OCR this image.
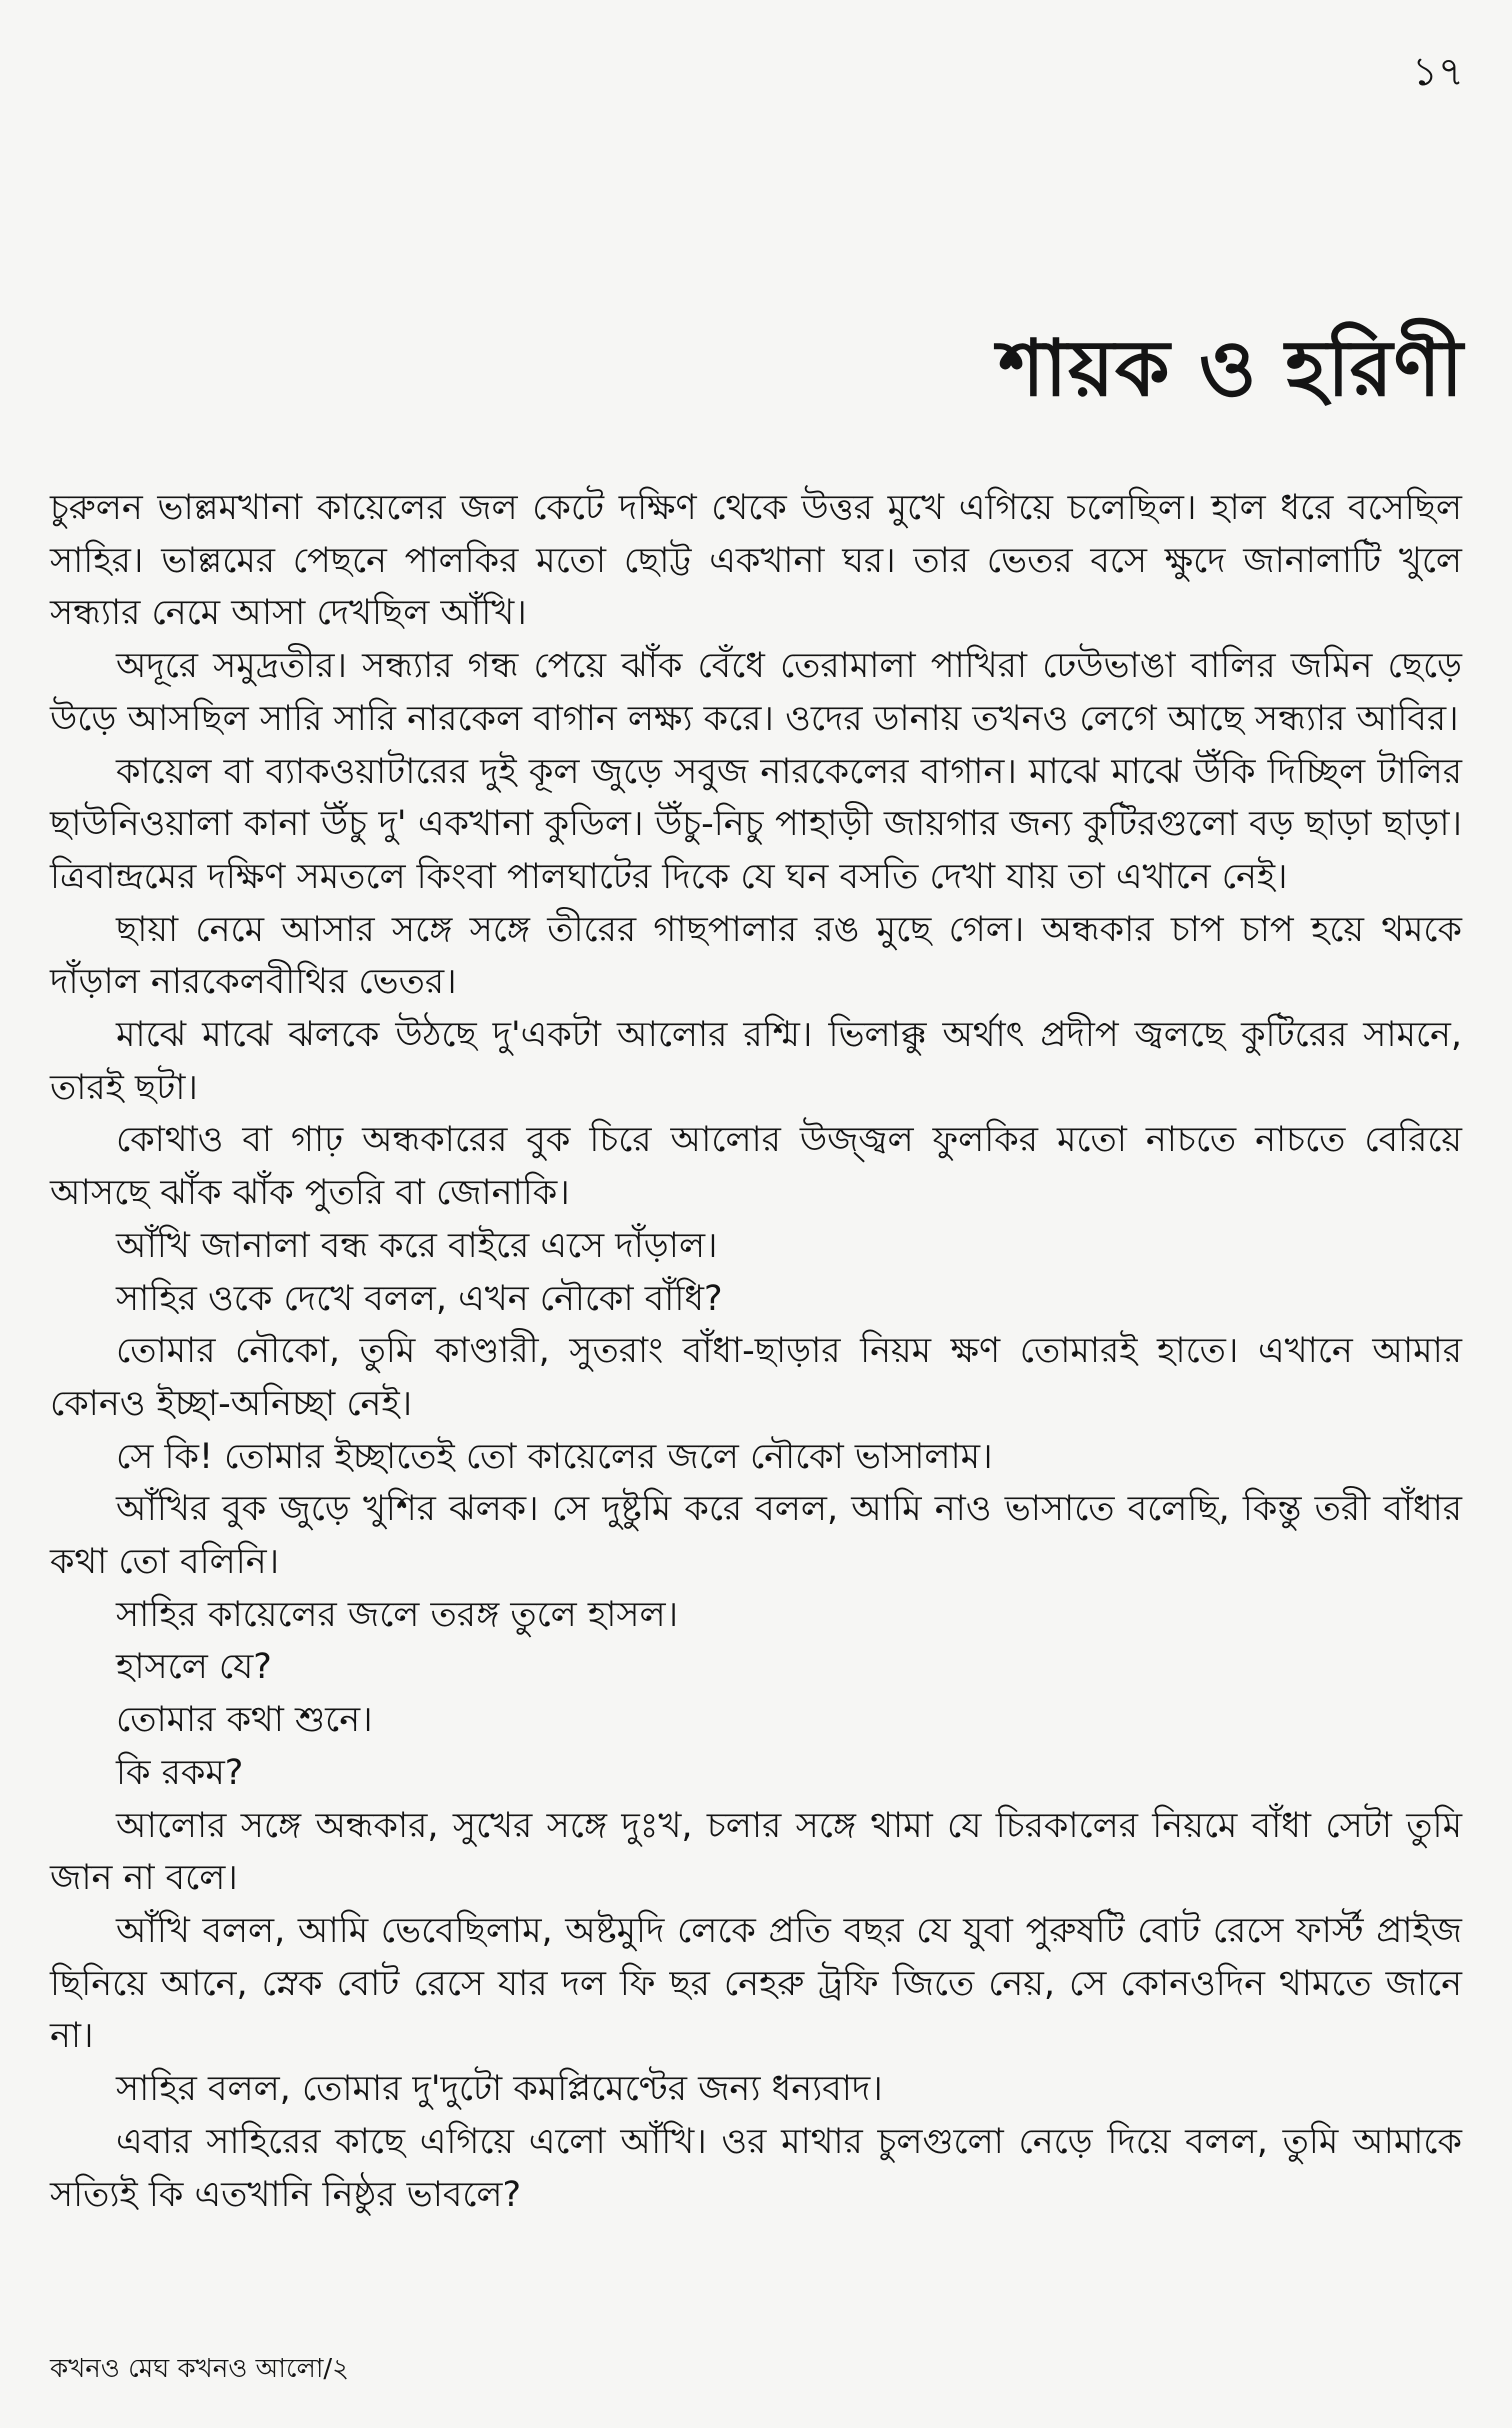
১৭
শায়ক ও হরিণী

চুরুলন ভাল্লমখানা কায়েলের জল কেটে দক্ষিণ থেকে উত্তর মুখে এগিয়ে চলেছিল। হাল ধরে বসেছিল সাহির। ভাল্লমের পেছনে পালকির মতো ছোট্ট একখানা ঘর। তার ভেতর বসে ক্ষুদে জানালাটি খুলে সন্ধ্যার নেমে আসা দেখছিল আঁখি।

অদূরে সমুদ্রতীর। সন্ধ্যার গন্ধ পেয়ে ঝাঁক বেঁধে তেরামালা পাখিরা ঢেউভাঙা বালির জমিন ছেড়ে উড়ে আসছিল সারি সারি নারকেল বাগান লক্ষ্য করে। ওদের ডানায় তখনও লেগে আছে সন্ধ্যার আবির।

কায়েল বা ব্যাকওয়াটারের দুই কূল জুড়ে সবুজ নারকেলের বাগান। মাঝে মাঝে উঁকি দিচ্ছিল টালির ছাউনিওয়ালা কানা উঁচু দু' একখানা কুডিল। উঁচু-নিচু পাহাড়ী জায়গার জন্য কুটিরগুলো বড় ছাড়া ছাড়া। ত্রিবান্দ্রমের দক্ষিণ সমতলে কিংবা পালঘাটের দিকে যে ঘন বসতি দেখা যায় তা এখানে নেই।

ছায়া নেমে আসার সঙ্গে সঙ্গে তীরের গাছপালার রঙ মুছে গেল। অন্ধকার চাপ চাপ হয়ে থমকে দাঁড়াল নারকেলবীথির ভেতর।

মাঝে মাঝে ঝলকে উঠছে দু'একটা আলোর রশ্মি। ভিলাক্কু অর্থাৎ প্রদীপ জ্বলছে কুটিরের সামনে, তারই ছটা।

কোথাও বা গাঢ় অন্ধকারের বুক চিরে আলোর উজ্জ্বল ফুলকির মতো নাচতে নাচতে বেরিয়ে আসছে ঝাঁক ঝাঁক পুতরি বা জোনাকি।

আঁখি জানালা বন্ধ করে বাইরে এসে দাঁড়াল।

সাহির ওকে দেখে বলল, এখন নৌকো বাঁধি?

তোমার নৌকো, তুমি কাণ্ডারী, সুতরাং বাঁধা-ছাড়ার নিয়ম ক্ষণ তোমারই হাতে। এখানে আমার কোনও ইচ্ছা-অনিচ্ছা নেই।

সে কি! তোমার ইচ্ছাতেই তো কায়েলের জলে নৌকো ভাসালাম।

আঁখির বুক জুড়ে খুশির ঝলক। সে দুষ্টুমি করে বলল, আমি নাও ভাসাতে বলেছি, কিন্তু তরী বাঁধার কথা তো বলিনি।

সাহির কায়েলের জলে তরঙ্গ তুলে হাসল।

হাসলে যে?

তোমার কথা শুনে।

কি রকম?

আলোর সঙ্গে অন্ধকার, সুখের সঙ্গে দুঃখ, চলার সঙ্গে থামা যে চিরকালের নিয়মে বাঁধা সেটা তুমি জান না বলে।

আঁখি বলল, আমি ভেবেছিলাম, অষ্টমুদি লেকে প্রতি বছর যে যুবা পুরুষটি বোট রেসে ফার্স্ট প্রাইজ ছিনিয়ে আনে, স্নেক বোট রেসে যার দল ফি ছর নেহরু ট্রফি জিতে নেয়, সে কোনওদিন থামতে জানে না।

সাহির বলল, তোমার দু'দুটো কমপ্লিমেণ্টের জন্য ধন্যবাদ।

এবার সাহিরের কাছে এগিয়ে এলো আঁখি। ওর মাথার চুলগুলো নেড়ে দিয়ে বলল, তুমি আমাকে সত্যিই কি এতখানি নিষ্ঠুর ভাবলে?

কখনও মেঘ কখনও আলো/২
